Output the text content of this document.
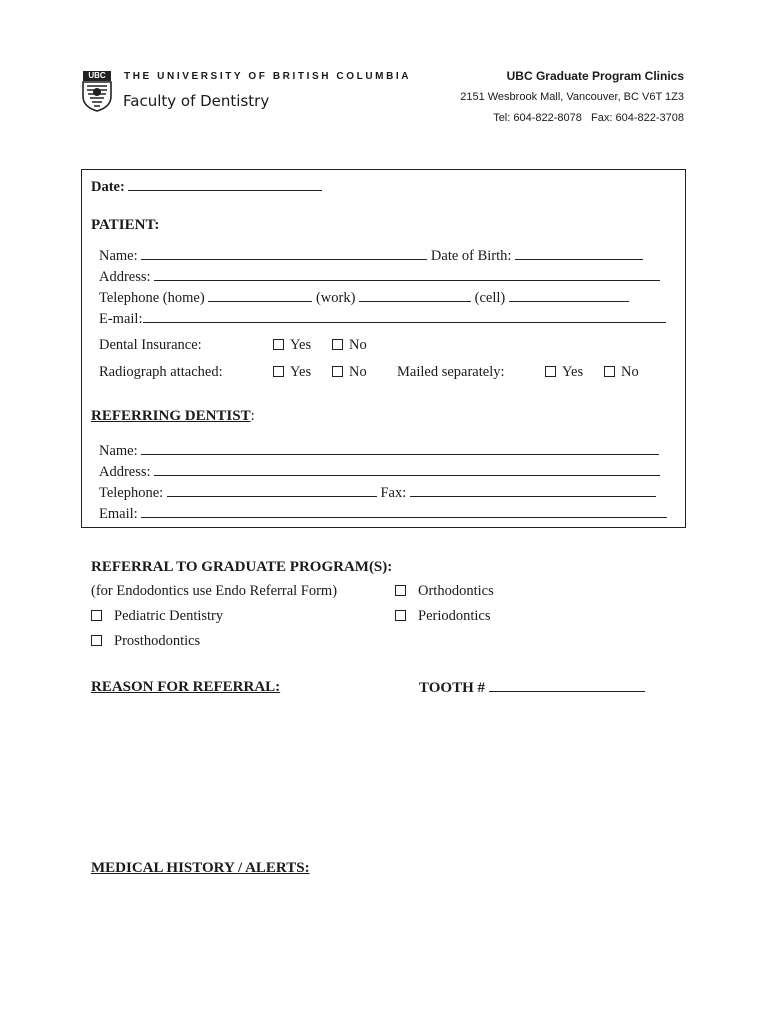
UBC	THE UNIVERSITY OF BRITISH COLUMBIA
Faculty of Dentistry
UBC Graduate Program Clinics
2151 Wesbrook Mall, Vancouver, BC V6T 1Z3
Tel: 604-822-8078   Fax: 604-822-3708
Date:
PATIENT:
Name:	Date of Birth:
Address:
Telephone (home)	(work)	(cell)
E-mail:
Dental Insurance:	Yes	No
Radiograph attached:	Yes	No Mailed separately:	Yes	No
REFERRING DENTIST:
Name:
Address:
Telephone:	Fax:
Email:
REFERRAL TO GRADUATE PROGRAM(S):
(for Endodontics use Endo Referral Form)	Orthodontics
Pediatric Dentistry	Periodontics
Prosthodontics
REASON FOR REFERRAL:	TOOTH #
MEDICAL HISTORY / ALERTS:
